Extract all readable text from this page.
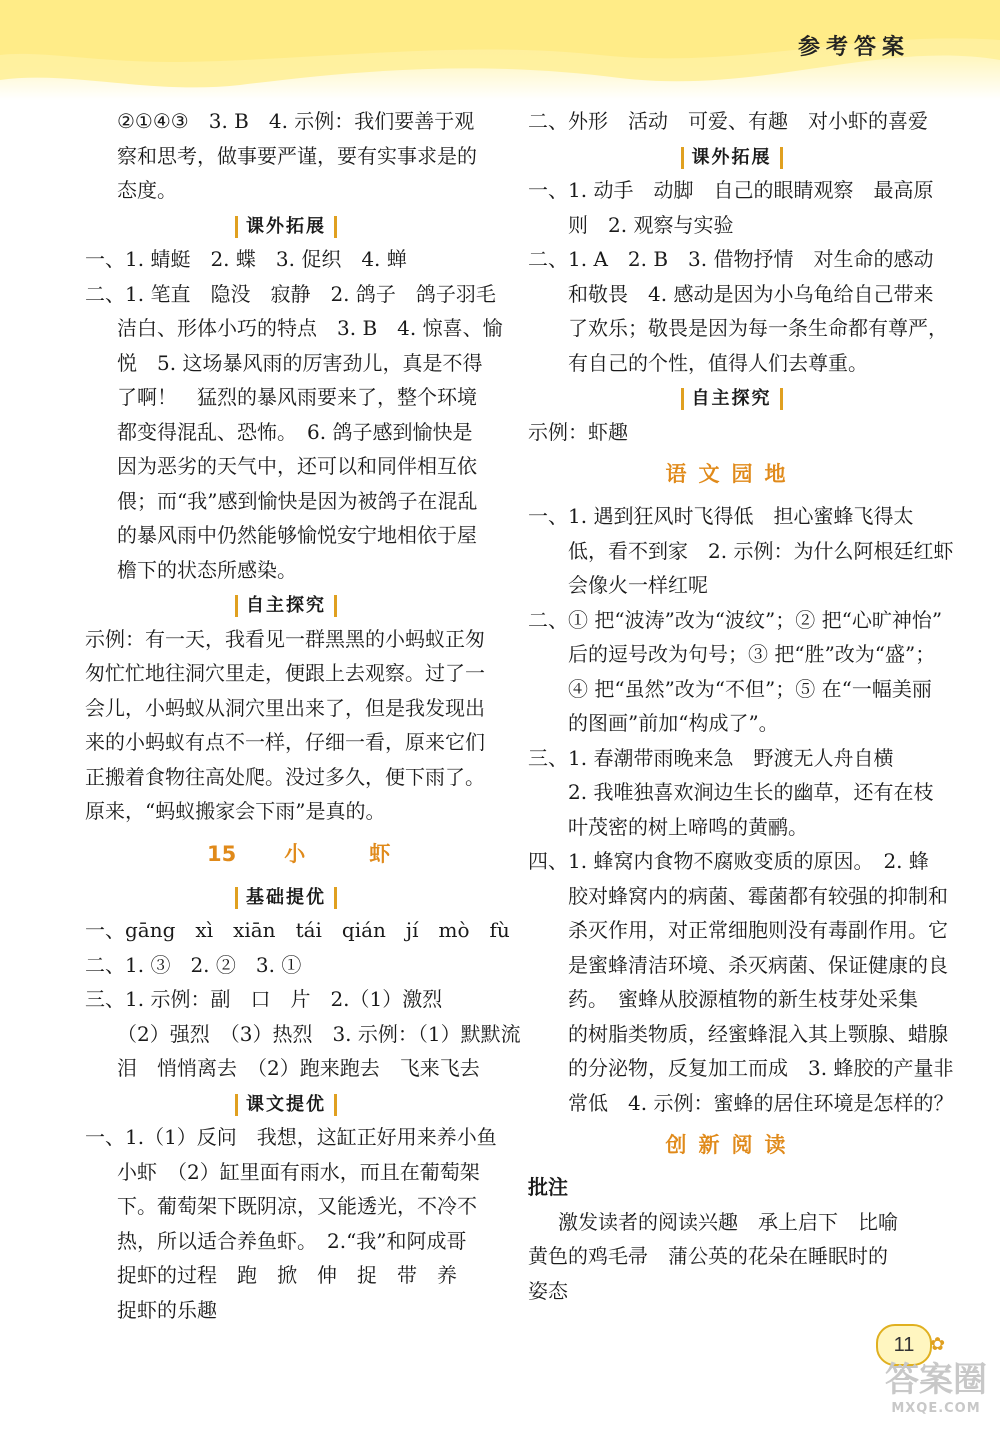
参考答案
②①④③　3. B　4. 示例：我们要善于观
察和思考，做事要严谨，要有实事求是的
态度。
课外拓展
一、1. 蜻蜓　2. 蝶　3. 促织　4. 蝉
二、1. 笔直　隐没　寂静　2. 鸽子　鸽子羽毛
洁白、形体小巧的特点　3. B　4. 惊喜、愉
悦　5. 这场暴风雨的厉害劲儿，真是不得
了啊！　猛烈的暴风雨要来了，整个环境
都变得混乱、恐怖。　6. 鸽子感到愉快是
因为恶劣的天气中，还可以和同伴相互依
偎；而“我”感到愉快是因为被鸽子在混乱
的暴风雨中仍然能够愉悦安宁地相依于屋
檐下的状态所感染。
自主探究
示例：有一天，我看见一群黑黑的小蚂蚁正匆
匆忙忙地往洞穴里走，便跟上去观察。过了一
会儿，小蚂蚁从洞穴里出来了，但是我发现出
来的小蚂蚁有点不一样，仔细一看，原来它们
正搬着食物往高处爬。没过多久，便下雨了。
原来，“蚂蚁搬家会下雨”是真的。
15 小	虾
基础提优
一、gāng　xì　xiān　tái　qián　jí　mò　fù
二、1. ③　2. ②　3. ①
三、1. 示例：副　口　片　2.（1）激烈
（2）强烈　（3）热烈　3. 示例：（1）默默流
泪　悄悄离去　（2）跑来跑去　飞来飞去
课文提优
一、1.（1）反问　我想，这缸正好用来养小鱼
小虾　（2）缸里面有雨水，而且在葡萄架
下。葡萄架下既阴凉，又能透光，不冷不
热，所以适合养鱼虾。　2.“我”和阿成哥
捉虾的过程　跑　掀　伸　捉　带　养
捉虾的乐趣
二、外形　活动　可爱、有趣　对小虾的喜爱
课外拓展
一、1. 动手　动脚　自己的眼睛观察　最高原
则　2. 观察与实验
二、1. A　2. B　3. 借物抒情　对生命的感动
和敬畏　4. 感动是因为小乌龟给自己带来
了欢乐；敬畏是因为每一条生命都有尊严，
有自己的个性，值得人们去尊重。
自主探究
示例：虾趣
语文园地
一、1. 遇到狂风时飞得低　担心蜜蜂飞得太
低，看不到家　2. 示例：为什么阿根廷红虾
会像火一样红呢
二、① 把“波涛”改为“波纹”；② 把“心旷神怡”
后的逗号改为句号；③ 把“胜”改为“盛”；
④ 把“虽然”改为“不但”；⑤ 在“一幅美丽
的图画”前加“构成了”。
三、1. 春潮带雨晚来急　野渡无人舟自横
2. 我唯独喜欢涧边生长的幽草，还有在枝
叶茂密的树上啼鸣的黄鹂。
四、1. 蜂窝内食物不腐败变质的原因。　2. 蜂
胶对蜂窝内的病菌、霉菌都有较强的抑制和
杀灭作用，对正常细胞则没有毒副作用。它
是蜜蜂清洁环境、杀灭病菌、保证健康的良
药。　蜜蜂从胶源植物的新生枝芽处采集
的树脂类物质，经蜜蜂混入其上颚腺、蜡腺
的分泌物，反复加工而成　3. 蜂胶的产量非
常低　4. 示例：蜜蜂的居住环境是怎样的？
创新阅读
批注
激发读者的阅读兴趣　承上启下　比喻
黄色的鸡毛帚　蒲公英的花朵在睡眠时的
姿态
11 ✿
答案圈
MXQE.COM
